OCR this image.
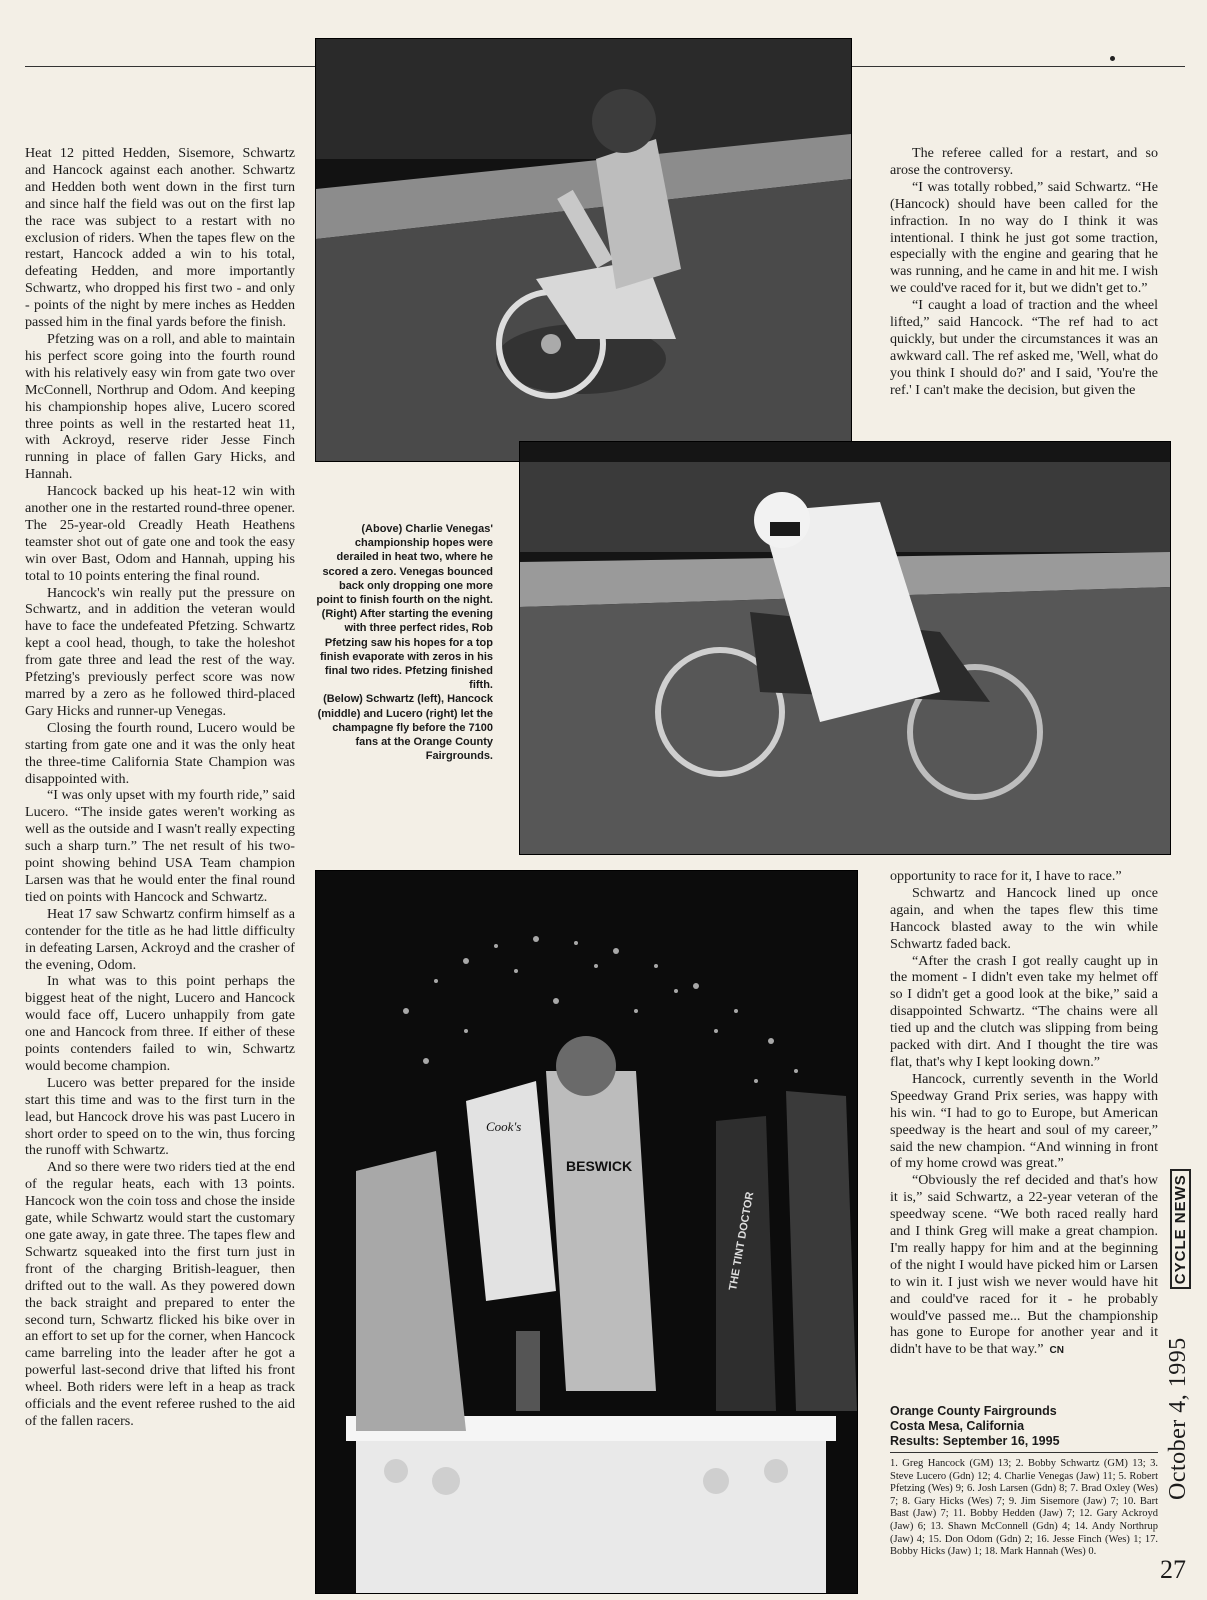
Heat 12 pitted Hedden, Sisemore, Schwartz and Hancock against each another. Schwartz and Hedden both went down in the first turn and since half the field was out on the first lap the race was subject to a restart with no exclusion of riders. When the tapes flew on the restart, Hancock added a win to his total, defeating Hedden, and more importantly Schwartz, who dropped his first two - and only - points of the night by mere inches as Hedden passed him in the final yards before the finish.

Pfetzing was on a roll, and able to maintain his perfect score going into the fourth round with his relatively easy win from gate two over McConnell, Northrup and Odom. And keeping his championship hopes alive, Lucero scored three points as well in the restarted heat 11, with Ackroyd, reserve rider Jesse Finch running in place of fallen Gary Hicks, and Hannah.

Hancock backed up his heat-12 win with another one in the restarted round-three opener. The 25-year-old Creadly Heath Heathens teamster shot out of gate one and took the easy win over Bast, Odom and Hannah, upping his total to 10 points entering the final round.

Hancock's win really put the pressure on Schwartz, and in addition the veteran would have to face the undefeated Pfetzing. Schwartz kept a cool head, though, to take the holeshot from gate three and lead the rest of the way. Pfetzing's previously perfect score was now marred by a zero as he followed third-placed Gary Hicks and runner-up Venegas.

Closing the fourth round, Lucero would be starting from gate one and it was the only heat the three-time California State Champion was disappointed with.

“I was only upset with my fourth ride,” said Lucero. “The inside gates weren't working as well as the outside and I wasn't really expecting such a sharp turn.” The net result of his two-point showing behind USA Team champion Larsen was that he would enter the final round tied on points with Hancock and Schwartz.

Heat 17 saw Schwartz confirm himself as a contender for the title as he had little difficulty in defeating Larsen, Ackroyd and the crasher of the evening, Odom.

In what was to this point perhaps the biggest heat of the night, Lucero and Hancock would face off, Lucero unhappily from gate one and Hancock from three. If either of these points contenders failed to win, Schwartz would become champion.

Lucero was better prepared for the inside start this time and was to the first turn in the lead, but Hancock drove his was past Lucero in short order to speed on to the win, thus forcing the runoff with Schwartz.

And so there were two riders tied at the end of the regular heats, each with 13 points. Hancock won the coin toss and chose the inside gate, while Schwartz would start the customary one gate away, in gate three. The tapes flew and Schwartz squeaked into the first turn just in front of the charging British-leaguer, then drifted out to the wall. As they powered down the back straight and prepared to enter the second turn, Schwartz flicked his bike over in an effort to set up for the corner, when Hancock came barreling into the leader after he got a powerful last-second drive that lifted his front wheel. Both riders were left in a heap as track officials and the event referee rushed to the aid of the fallen racers.

The referee called for a restart, and so arose the controversy.

“I was totally robbed,” said Schwartz. “He (Hancock) should have been called for the infraction. In no way do I think it was intentional. I think he just got some traction, especially with the engine and gearing that he was running, and he came in and hit me. I wish we could've raced for it, but we didn't get to.”

“I caught a load of traction and the wheel lifted,” said Hancock. “The ref had to act quickly, but under the circumstances it was an awkward call. The ref asked me, 'Well, what do you think I should do?' and I said, 'You're the ref.' I can't make the decision, but given the

(Above) Charlie Venegas' championship hopes were derailed in heat two, where he scored a zero. Venegas bounced back only dropping one more point to finish fourth on the night.

(Right) After starting the evening with three perfect rides, Rob Pfetzing saw his hopes for a top finish evaporate with zeros in his final two rides. Pfetzing finished fifth.

(Below) Schwartz (left), Hancock (middle) and Lucero (right) let the champagne fly before the 7100 fans at the Orange County Fairgrounds.

BESWICK
Cook's
THE TINT DOCTOR

opportunity to race for it, I have to race.”

Schwartz and Hancock lined up once again, and when the tapes flew this time Hancock blasted away to the win while Schwartz faded back.

“After the crash I got really caught up in the moment - I didn't even take my helmet off so I didn't get a good look at the bike,” said a disappointed Schwartz. “The chains were all tied up and the clutch was slipping from being packed with dirt. And I thought the tire was flat, that's why I kept looking down.”

Hancock, currently seventh in the World Speedway Grand Prix series, was happy with his win. “I had to go to Europe, but American speedway is the heart and soul of my career,” said the new champion. “And winning in front of my home crowd was great.”

“Obviously the ref decided and that's how it is,” said Schwartz, a 22-year veteran of the speedway scene. “We both raced really hard and I think Greg will make a great champion. I'm really happy for him and at the beginning of the night I would have picked him or Larsen to win it. I just wish we never would have hit and could've raced for it - he probably would've passed me... But the championship has gone to Europe for another year and it didn't have to be that way.” CN

Orange County Fairgrounds
Costa Mesa, California
Results: September 16, 1995
1. Greg Hancock (GM) 13; 2. Bobby Schwartz (GM) 13; 3. Steve Lucero (Gdn) 12; 4. Charlie Venegas (Jaw) 11; 5. Robert Pfetzing (Wes) 9; 6. Josh Larsen (Gdn) 8; 7. Brad Oxley (Wes) 7; 8. Gary Hicks (Wes) 7; 9. Jim Sisemore (Jaw) 7; 10. Bart Bast (Jaw) 7; 11. Bobby Hedden (Jaw) 7; 12. Gary Ackroyd (Jaw) 6; 13. Shawn McConnell (Gdn) 4; 14. Andy Northrup (Jaw) 4; 15. Don Odom (Gdn) 2; 16. Jesse Finch (Wes) 1; 17. Bobby Hicks (Jaw) 1; 18. Mark Hannah (Wes) 0.
October 4, 1995 CYCLE NEWS
27
